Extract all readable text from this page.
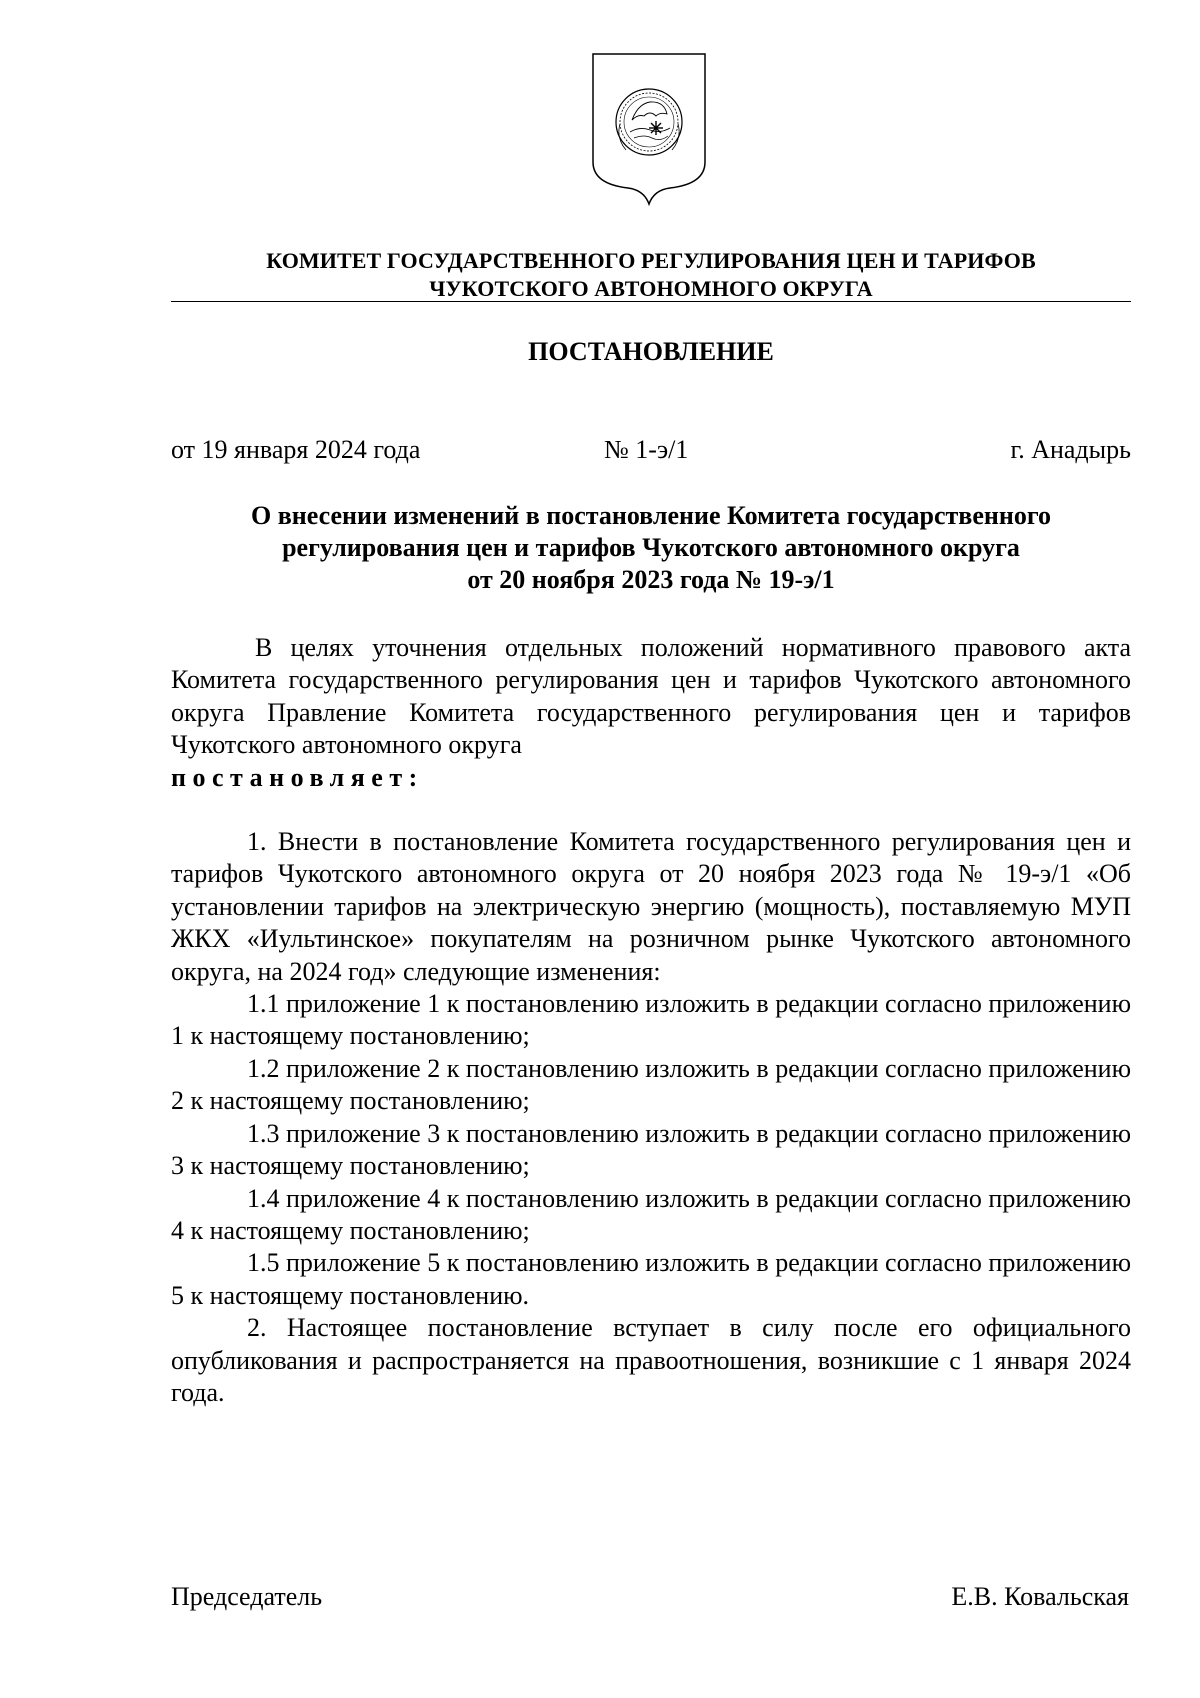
КОМИТЕТ ГОСУДАРСТВЕННОГО РЕГУЛИРОВАНИЯ ЦЕН И ТАРИФОВ
ЧУКОТСКОГО АВТОНОМНОГО ОКРУГА
ПОСТАНОВЛЕНИЕ
от 19 января 2024 года	№ 1-э/1	г. Анадырь
О внесении изменений в постановление Комитета государственного
регулирования цен и тарифов Чукотского автономного округа
от 20 ноября 2023 года № 19-э/1

В целях уточнения отдельных положений нормативного правового акта Комитета государственного регулирования цен и тарифов Чукотского автономного округа Правление Комитета государственного регулирования цен и тарифов Чукотского автономного округа

постановляет:

1. Внести в постановление Комитета государственного регулирования цен и тарифов Чукотского автономного округа от 20 ноября 2023 года № 19-э/1 «Об установлении тарифов на электрическую энергию (мощность), поставляемую МУП ЖКХ «Иультинское» покупателям на розничном рынке Чукотского автономного округа, на 2024 год» следующие изменения:

1.1 приложение 1 к постановлению изложить в редакции согласно приложению 1 к настоящему постановлению;

1.2 приложение 2 к постановлению изложить в редакции согласно приложению 2 к настоящему постановлению;

1.3 приложение 3 к постановлению изложить в редакции согласно приложению 3 к настоящему постановлению;

1.4 приложение 4 к постановлению изложить в редакции согласно приложению 4 к настоящему постановлению;

1.5 приложение 5 к постановлению изложить в редакции согласно приложению 5 к настоящему постановлению.

2. Настоящее постановление вступает в силу после его официального опубликования и распространяется на правоотношения, возникшие с 1 января 2024 года.

Председатель	Е.В. Ковальская
